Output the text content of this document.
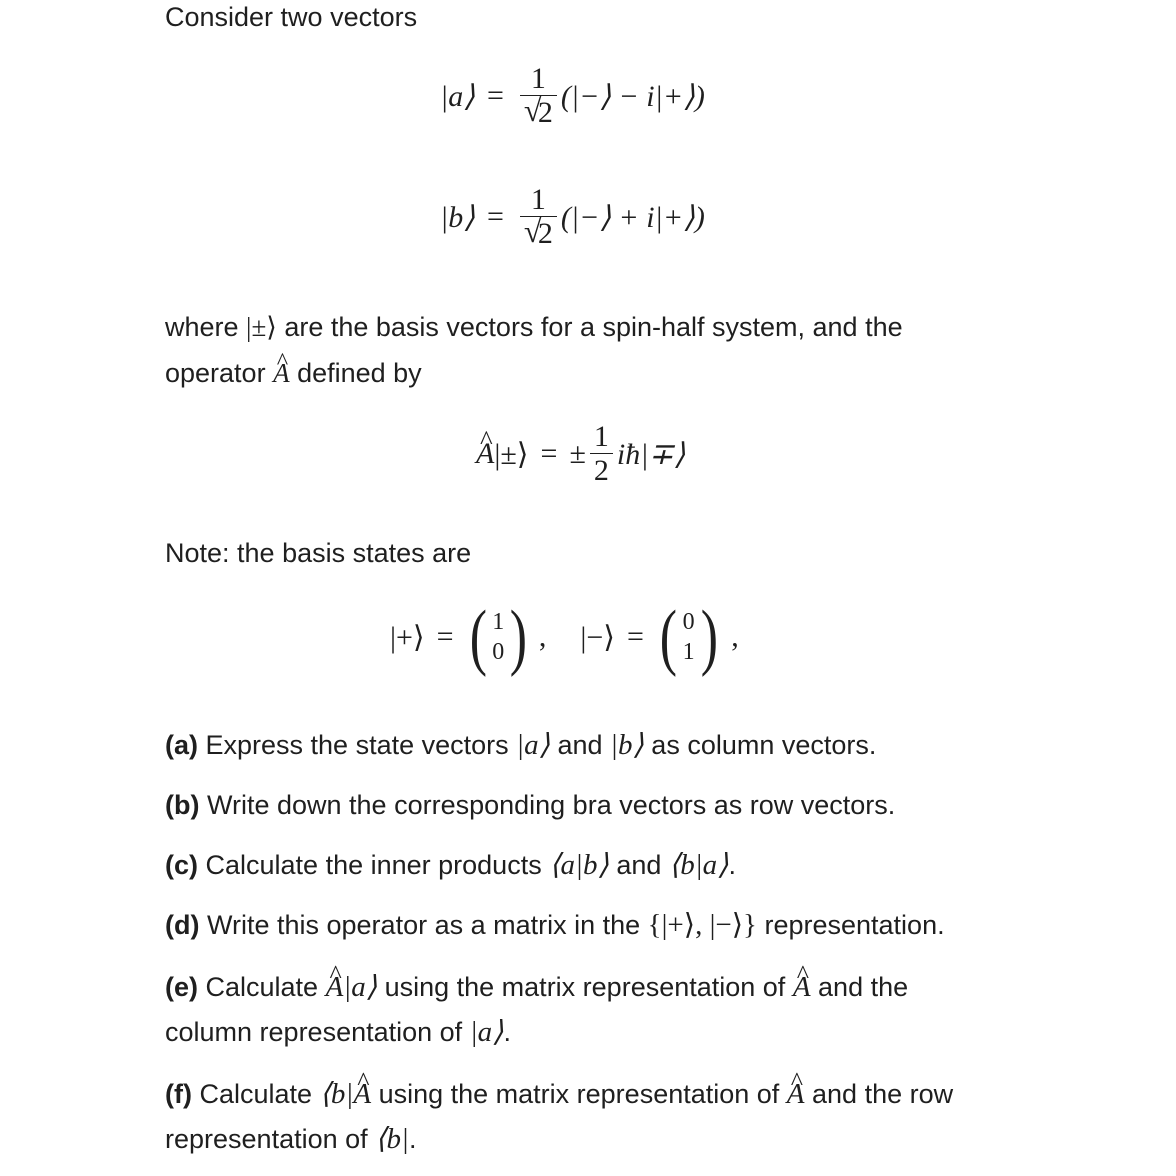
Consider two vectors
|a⟩ = 1
√
2 (|−⟩ − i|+⟩)
|b⟩ = 1
√
2 (|−⟩ + i|+⟩)
where |±⟩ are the basis vectors for a spin-half system, and the
operator ^ A defined by
^ A |±⟩ = ± $\frac{1}{2}$ iħ|∓⟩
Note: the basis states are
|+⟩ = ( 1
0 ) , |−⟩ = ( 0
1 ) ,
(a) Express the state vectors |a⟩ and |b⟩ as column vectors.
(b) Write down the corresponding bra vectors as row vectors.
(c) Calculate the inner products ⟨a|b⟩ and ⟨b|a⟩.
(d) Write this operator as a matrix in the {|+⟩, |−⟩} representation.
(e) Calculate ^ A|a⟩ using the matrix representation of ^ A and the
column representation of |a⟩.
(f) Calculate ⟨b|^ A using the matrix representation of ^ A and the row
representation of ⟨b|.
